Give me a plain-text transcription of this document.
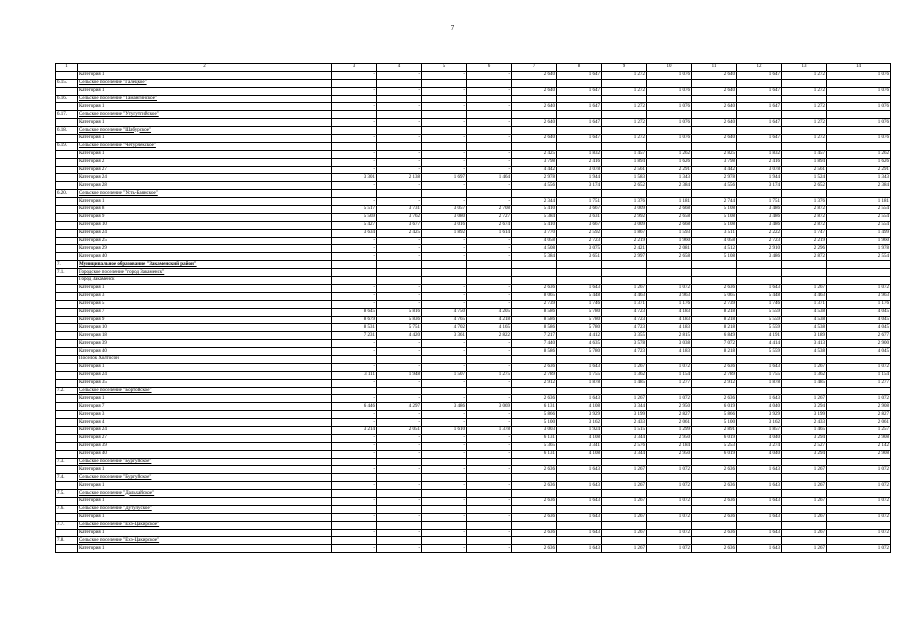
7
1	2	3	4	5	6	7	8	9	10	11	12	13	14
	Категория 1	-	-	-	-	2 640	1 647	1 272	1 076	2 640	1 647	1 272	1 076
6.15.	Сельское поселение "Галецкое"												
	Категория 1	-	-	-	-	2 640	1 647	1 272	1 076	2 640	1 647	1 272	1 076
6.16.	Сельское поселение "Тамангинское"												
	Категория 1	-	-	-	-	2 640	1 647	1 272	1 076	2 640	1 647	1 272	1 076
6.17.	Сельское поселение "Утугутгийское"												
	Категория 1	-	-	-	-	2 640	1 647	1 272	1 076	2 640	1 647	1 272	1 076
6.18.	Сельское поселение "Шабурское"												
	Категория 1	-	-	-	-	2 640	1 647	1 272	1 076	2 640	1 647	1 272	1 076
6.19.	Сельское поселение "Четурчекское"												
	Категория 1	-	-	-	-	2 425	1 832	1 457	1 262	2 825	1 832	1 457	1 262
	Категория 2	-	-	-	-	3 798	2 416	1 894	1 626	3 798	2 416	1 894	1 626
	Категория 27	-	-	-	-	4 442	3 078	2 561	2 291	4 442	3 078	2 561	2 291
	Категория 24	3 301	2 138	1 697	1 464	2 978	1 944	1 583	1 343	2 978	1 944	1 524	1 343
	Категория 28	-	-	-	-	4 556	3 174	2 652	2 384	4 556	3 174	2 652	2 384
6.20.	Сельское поселение "Усть-Баянское"												
	Категория 1	-	-	-	-	2 344	1 751	1 376	1 181	2 744	1 751	1 376	1 181
	Категория 8	5 517	3 731	3 057	2 708	5 410	3 667	3 009	2 668	5 108	3 486	2 872	2 554
	Категория 9	5 569	3 762	3 080	2 727	5 384	3 631	2 992	2 658	5 108	3 486	2 872	2 554
	Категория 10	5 427	3 677	3 016	2 674	5 410	3 667	3 009	2 668	5 108	3 486	2 872	2 554
	Категория 24	3 634	2 425	1 892	1 614	3 770	2 592	1 867	1 593	3 511	2 222	1 747	1 499
	Категория 25	-	-	-	-	4 058	2 723	2 219	1 960	4 058	2 723	2 219	1 960
	Категория 29	-	-	-	-	4 508	3 075	2 421	2 081	4 512	2 910	2 296	1 978
	Категория 40	-	-	-	-	5 384	3 651	2 997	2 658	5 108	3 486	2 872	2 554
7.	Муниципальное образование "Закаменский район"												
7.1.	Городское поселение "город Закаменск"												
	Город Закаменск												
	Категория 1	-	-	-	-	2 636	1 643	1 267	1 072	2 636	1 643	1 267	1 072
	Категория 3	-	-	-	-	8 065	5 448	4 463	3 963	5 065	5 448	4 463	3 963
	Категория 5	-	-	-	-	2 739	1 746	1 371	1 176	2 739	1 746	1 371	1 176
	Категория 7	8 645	5 816	4 750	4 205	8 586	5 780	4 723	4 183	8 218	5 559	4 538	4 045
	Категория 9	8 679	5 836	4 765	4 218	8 586	5 780	4 723	4 183	8 218	5 559	4 538	4 045
	Категория 10	8 531	5 751	4 702	4 165	8 586	5 780	4 723	4 183	8 218	5 559	4 538	4 045
	Категория 18	7 231	4 420	3 361	2 822	7 217	4 412	3 355	2 815	6 849	4 191	3 189	2 677
	Категория 39	-	-	-	-	7 440	4 635	3 578	3 038	7 072	4 414	3 413	2 900
	Категория 40	-	-	-	-	8 586	5 780	4 723	4 183	8 218	5 559	4 538	4 045
	Поселок Холтосон												
	Категория 1	-	-	-	-	2 636	1 643	1 267	1 072	2 636	1 643	1 267	1 072
	Категория 24	3 111	1 948	1 507	1 275	2 789	1 755	1 362	1 154	2 789	1 755	1 362	1 154
	Категория 35	-	-	-	-	2 912	1 878	1 485	1 277	2 912	1 878	1 485	1 277
7.2.	Сельское поселение "Бортойское"												
	Категория 1	-	-	-	-	2 636	1 643	1 267	1 072	2 636	1 643	1 267	1 072
	Категория 7	6 446	4 297	3 486	3 069	6 131	4 108	3 344	2 950	6 019	4 040	3 294	2 908
	Категория 3	-	-	-	-	5 866	3 929	3 199	2 827	5 866	3 929	3 199	2 827
	Категория 4	-	-	-	-	5 100	3 162	2 433	2 061	5 100	3 162	2 433	2 061
	Категория 24	3 214	2 051	1 610	1 378	3 003	1 924	1 515	1 299	2 891	1 857	1 465	1 257
	Категория 27	-	-	-	-	6 131	4 108	3 344	2 950	6 019	4 040	3 294	2 908
	Категория 39	-	-	-	-	5 365	3 341	2 576	2 184	5 253	3 274	2 527	2 142
	Категория 40	-	-	-	-	6 131	4 108	3 344	2 950	6 019	4 040	3 294	2 908
7.3.	Сельское поселение "Бургуйское"												
	Категория 1	-	-	-	-	2 636	1 643	1 267	1 072	2 636	1 643	1 267	1 072
7.4.	Сельское поселение "Бургуйское"												
	Категория 1	-	-	-	-	2 636	1 643	1 267	1 072	2 636	1 643	1 267	1 072
7.5.	Сельское поселение "Дальхайское"												
	Категория 1	-	-	-	-	2 636	1 643	1 267	1 072	2 636	1 643	1 267	1 072
7.6.	Сельское поселение "Дутулуское"												
	Категория 1	-	-	-	-	2 636	1 643	1 267	1 072	2 636	1 643	1 267	1 072
7.7.	Сельское поселение "Ехэ-Цакирское"												
	Категория 1	-	-	-	-	2 636	1 643	1 267	1 072	2 636	1 643	1 267	1 072
7.8.	Сельское поселение "Ехэ-Цакирское"												
	Категория 1	-	-	-	-	2 636	1 643	1 267	1 072	2 636	1 643	1 267	1 072
